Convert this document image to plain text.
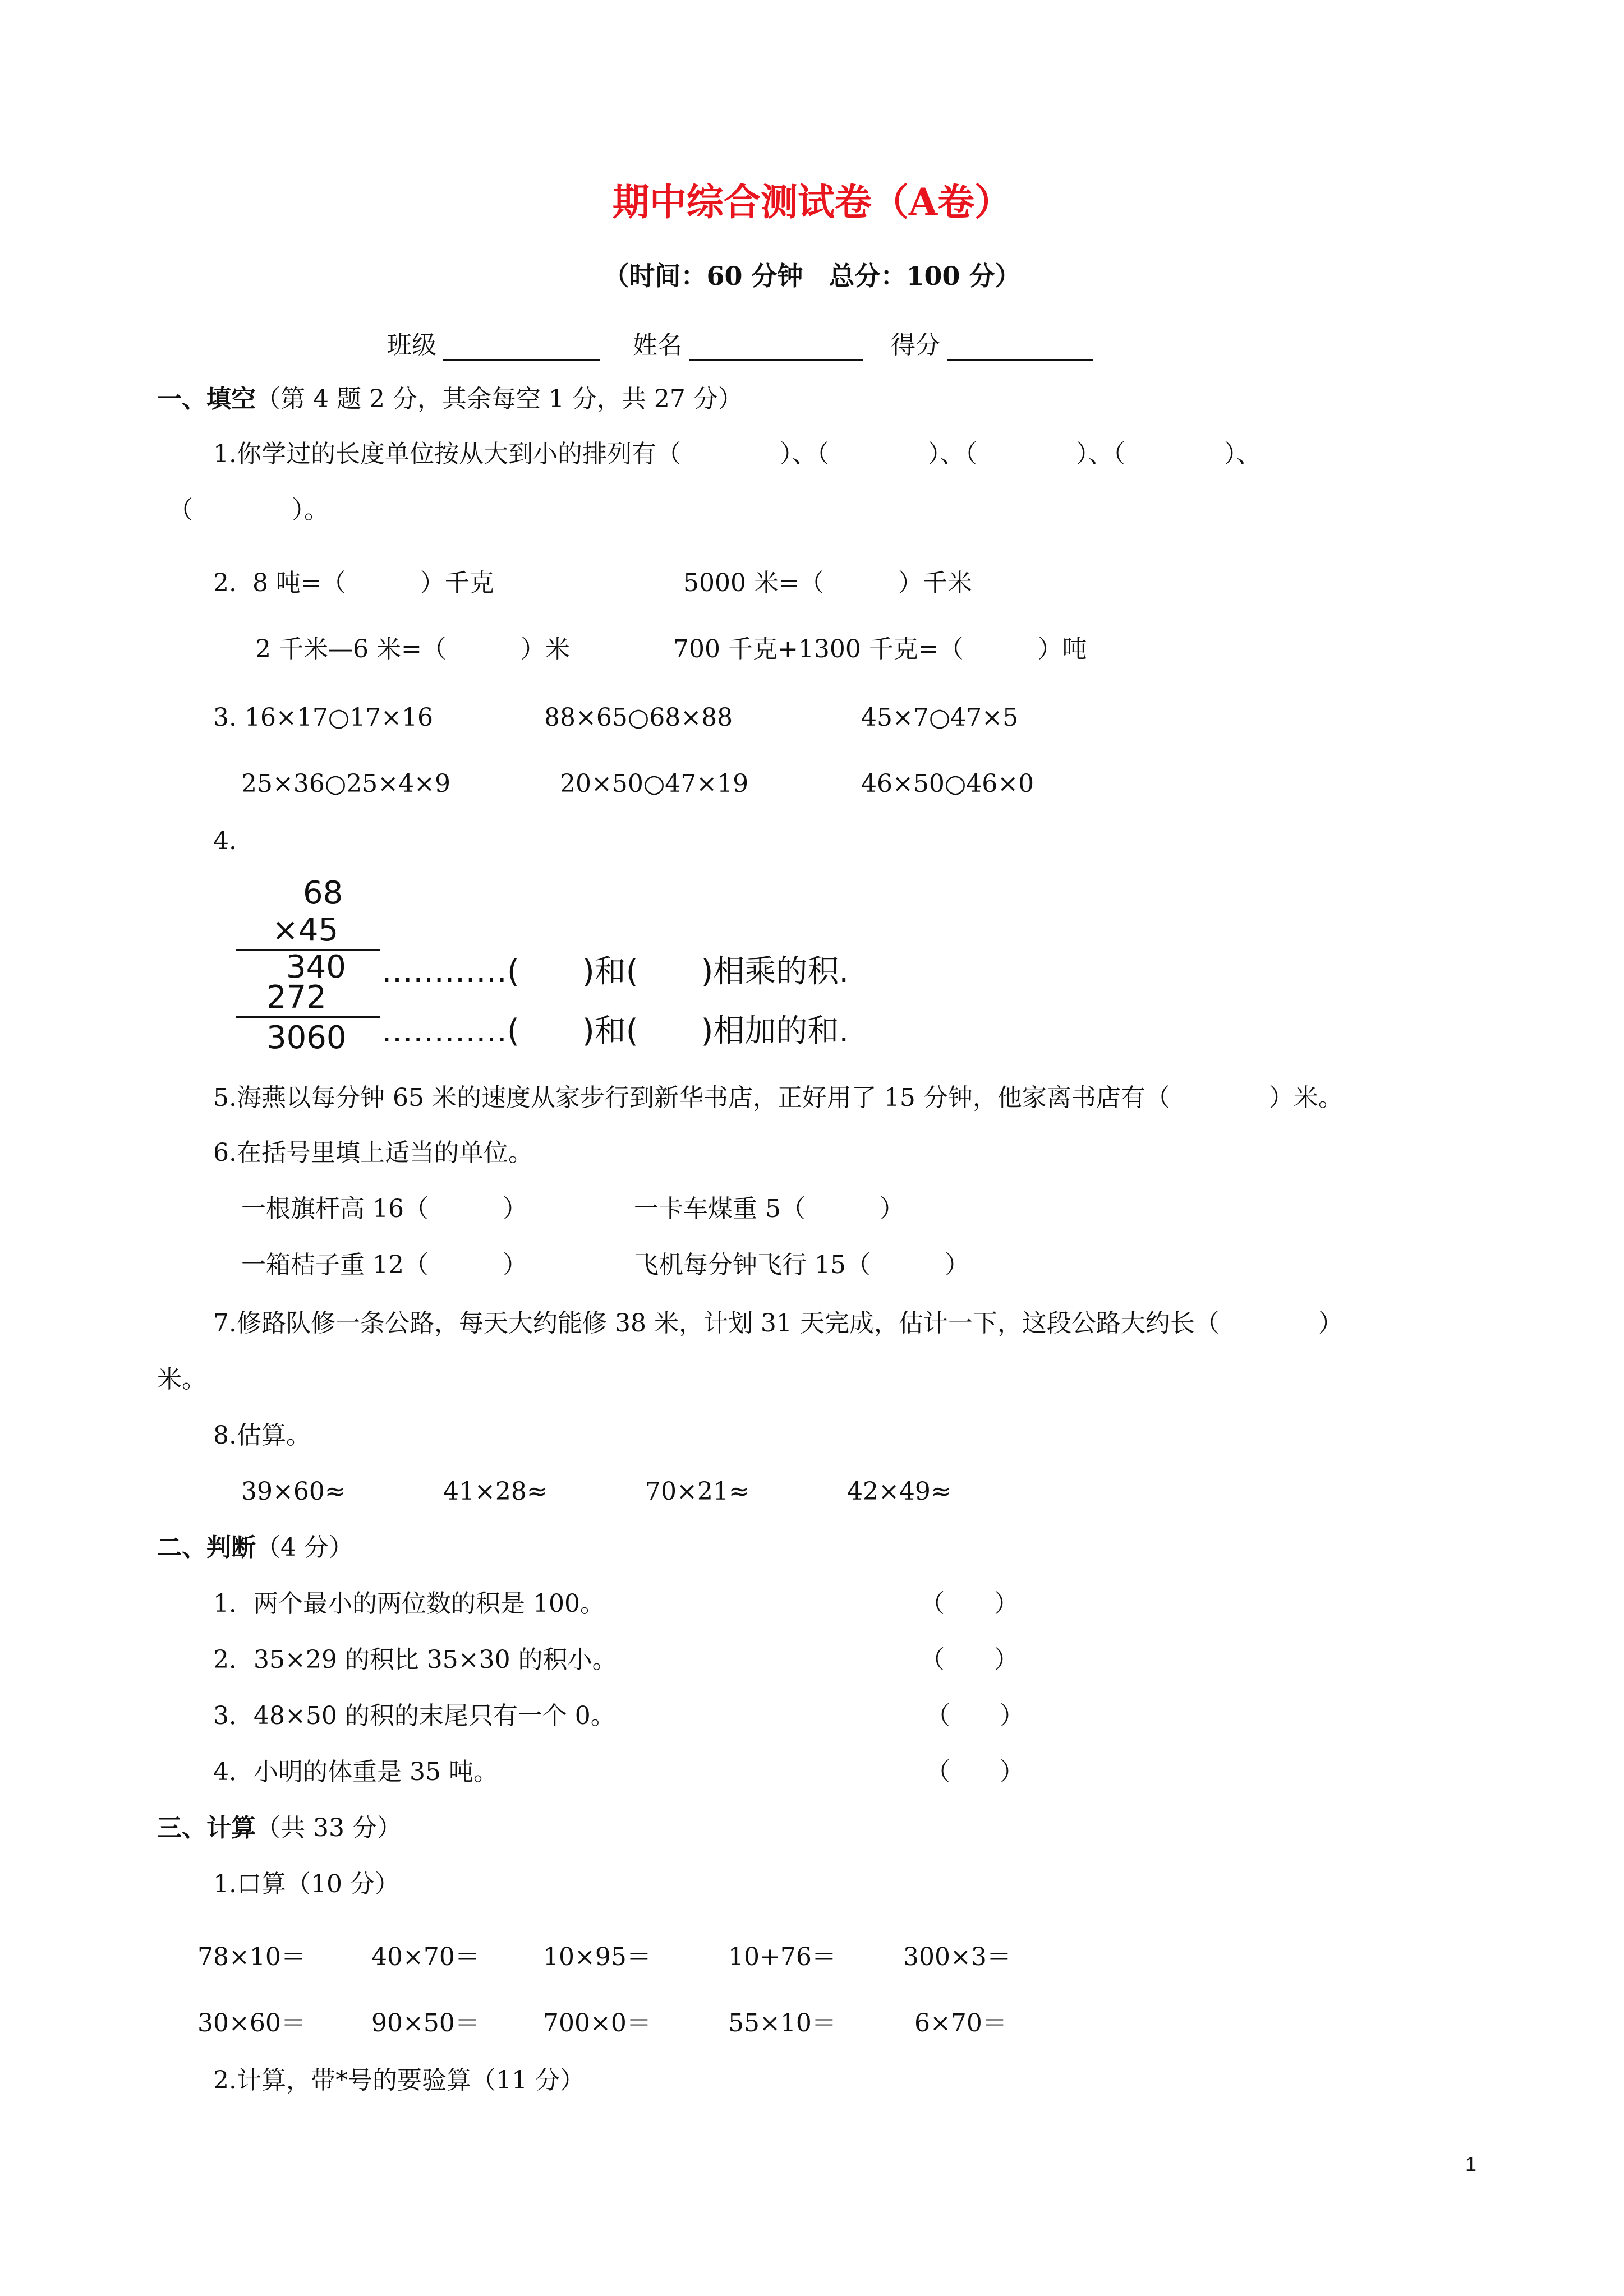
期中综合测试卷（A卷）
（时间：60 分钟　总分：100 分）
班级	姓名	得分
一、填空（第 4 题 2 分，其余每空 1 分，共 27 分）
1.你学过的长度单位按从大到小的排列有（　　　　）、（　　　　）、（　　　　）、（　　　　）、
（　　　　）。
2.  8 吨=（　　　）千克	5000 米=（　　　）千米
2 千米—6 米=（　　　）米	700 千克+1300 千克=（　　　）吨
3. 16×17○17×16	88×65○68×88	45×7○47×5
25×36○25×4×9	20×50○47×19	46×50○46×0
4.
68
×45
340
272
3060
…………(　　)和(　　)相乘的积.
…………(　　)和(　　)相加的和.
5.海燕以每分钟 65 米的速度从家步行到新华书店，正好用了 15 分钟，他家离书店有（　　　　）米。
6.在括号里填上适当的单位。
一根旗杆高 16（　　　）	一卡车煤重 5（　　　）
一箱桔子重 12（　　　）	飞机每分钟飞行 15（　　　）
7.修路队修一条公路，每天大约能修 38 米，计划 31 天完成，估计一下，这段公路大约长（　　　　）
米。
8.估算。
39×60≈	41×28≈	70×21≈	42×49≈
二、判断（4 分）
1．两个最小的两位数的积是 100。	（　　）
2．35×29 的积比 35×30 的积小。	（　　）
3．48×50 的积的末尾只有一个 0。	（　　）
4．小明的体重是 35 吨。	（　　）
三、计算（共 33 分）
1.口算（10 分）
78×10＝	40×70＝	10×95＝	10+76＝	300×3＝
30×60＝	90×50＝	700×0＝	55×10＝	6×70＝
2.计算，带*号的要验算（11 分）
1
